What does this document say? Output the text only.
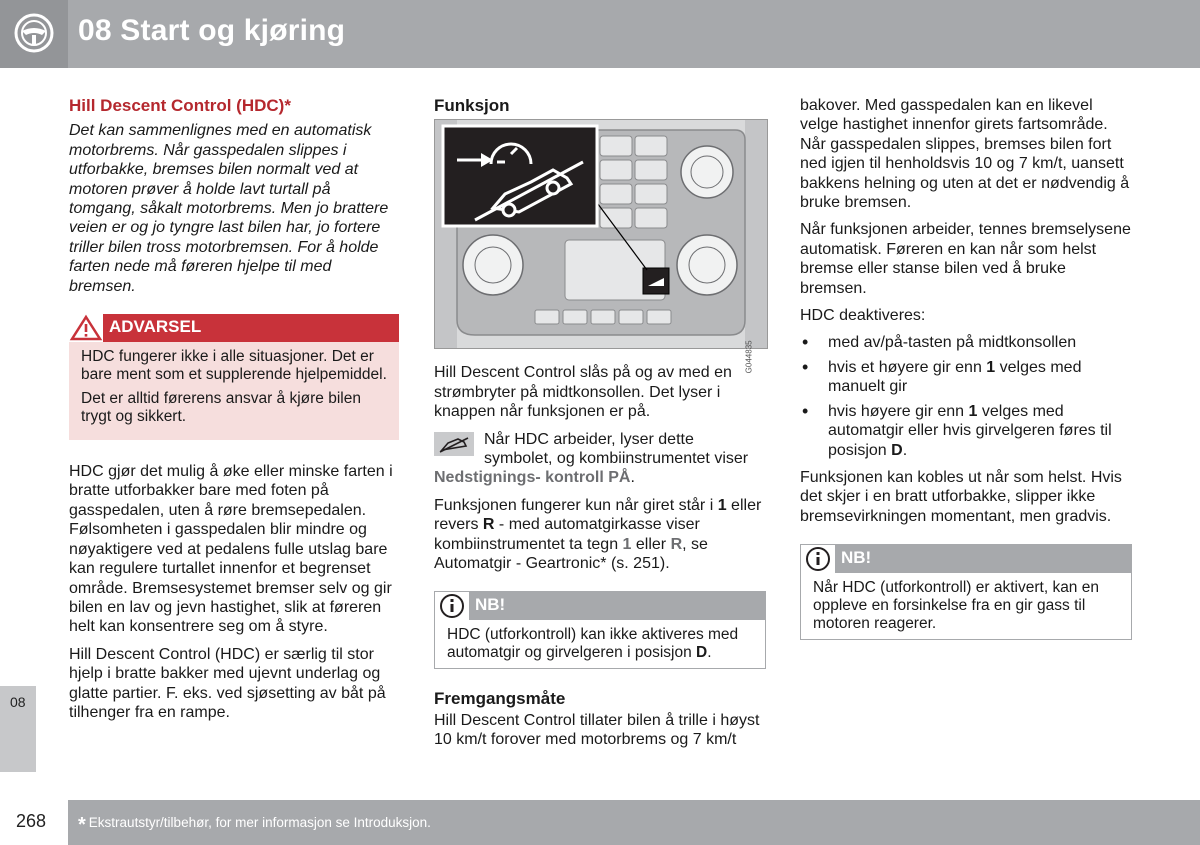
08 Start og kjøring
08
Hill Descent Control (HDC)*

Det kan sammenlignes med en automatisk motorbrems. Når gasspedalen slippes i utforbakke, bremses bilen normalt ved at motoren prøver å holde lavt turtall på tomgang, såkalt motorbrems. Men jo brattere veien er og jo tyngre last bilen har, jo fortere triller bilen tross motorbremsen. For å holde farten nede må føreren hjelpe til med bremsen.

ADVARSEL

HDC fungerer ikke i alle situasjoner. Det er bare ment som et supplerende hjelpemiddel.

Det er alltid førerens ansvar å kjøre bilen trygt og sikkert.

HDC gjør det mulig å øke eller minske farten i bratte utforbakker bare med foten på gasspedalen, uten å røre bremsepedalen. Følsomheten i gasspedalen blir mindre og nøyaktigere ved at pedalens fulle utslag bare kan regulere turtallet innenfor et begrenset område. Bremsesystemet bremser selv og gir bilen en lav og jevn hastighet, slik at føreren helt kan konsentrere seg om å styre.

Hill Descent Control (HDC) er særlig til stor hjelp i bratte bakker med ujevnt underlag og glatte partier. F. eks. ved sjøsetting av båt på tilhenger fra en rampe.

Funksjon
G044835

Hill Descent Control slås på og av med en strømbryter på midtkonsollen. Det lyser i knappen når funksjonen er på.

Når HDC arbeider, lyser dette symbolet, og kombiinstrumentet viser Nedstignings- kontroll PÅ.

Funksjonen fungerer kun når giret står i 1 eller revers R - med automatgirkasse viser kombiinstrumentet ta tegn 1 eller R, se Automatgir - Geartronic* (s. 251).

NB!
HDC (utforkontroll) kan ikke aktiveres med automatgir og girvelgeren i posisjon D.
Fremgangsmåte

Hill Descent Control tillater bilen å trille i høyst 10 km/t forover med motorbrems og 7 km/t

bakover. Med gasspedalen kan en likevel velge hastighet innenfor girets fartsområde. Når gasspedalen slippes, bremses bilen fort ned igjen til henholdsvis 10 og 7 km/t, uansett bakkens helning og uten at det er nødvendig å bruke bremsen.

Når funksjonen arbeider, tennes bremselysene automatisk. Føreren en kan når som helst bremse eller stanse bilen ved å bruke bremsen.

HDC deaktiveres:

• med av/på-tasten på midtkonsollen
• hvis et høyere gir enn 1 velges med manuelt gir
• hvis høyere gir enn 1 velges med automatgir eller hvis girvelgeren føres til posisjon D.

Funksjonen kan kobles ut når som helst. Hvis det skjer i en bratt utforbakke, slipper ikke bremsevirkningen momentant, men gradvis.

NB!
Når HDC (utforkontroll) er aktivert, kan en oppleve en forsinkelse fra en gir gass til motoren reagerer.
268 * Ekstrautstyr/tilbehør, for mer informasjon se Introduksjon.
